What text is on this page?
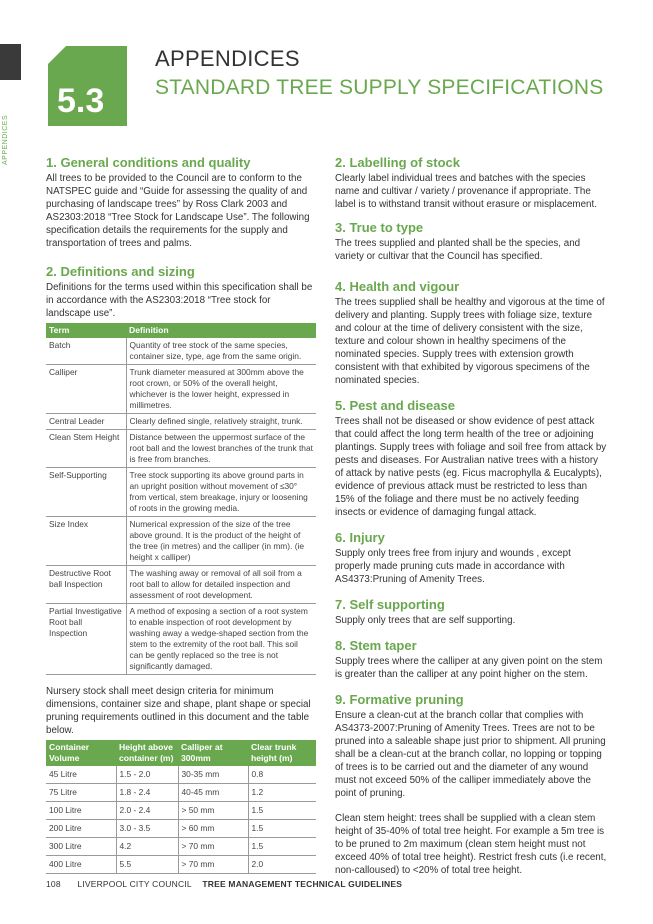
APPENDICES
5.3
APPENDICES
STANDARD TREE SUPPLY SPECIFICATIONS
1. General conditions and quality

All trees to be provided to the Council are to conform to the NATSPEC guide and “Guide for assessing the quality of and purchasing of landscape trees” by Ross Clark 2003 and AS2303:2018 “Tree Stock for Landscape Use”. The following specification details the requirements for the supply and transportation of trees and palms.

2. Definitions and sizing

Definitions for the terms used within this specification shall be in accordance with the AS2303:2018 “Tree stock for landscape use”.

Term	Definition
Batch	Quantity of tree stock of the same species, container size, type, age from the same origin.
Calliper	Trunk diameter measured at 300mm above the root crown, or 50% of the overall height, whichever is the lower height, expressed in millimetres.
Central Leader	Clearly defined single, relatively straight, trunk.
Clean Stem Height	Distance between the uppermost surface of the root ball and the lowest branches of the trunk that is free from branches.
Self-Supporting	Tree stock supporting its above ground parts in an upright position without movement of ≤30° from vertical, stem breakage, injury or loosening of roots in the growing media.
Size Index	Numerical expression of the size of the tree above ground. It is the product of the height of the tree (in metres) and the calliper (in mm). (ie height x calliper)
Destructive Root ball Inspection	The washing away or removal of all soil from a root ball to allow for detailed inspection and assessment of root development.
Partial Investigative Root ball Inspection	A method of exposing a section of a root system to enable inspection of root development by washing away a wedge-shaped section from the stem to the extremity of the root ball. This soil can be gently replaced so the tree is not significantly damaged.

Nursery stock shall meet design criteria for minimum dimensions, container size and shape, plant shape or special pruning requirements outlined in this document and the table below.

Container Volume	Height above container (m)	Calliper at 300mm	Clear trunk height (m)
45 Litre	1.5 - 2.0	30-35 mm	0.8
75 Litre	1.8 - 2.4	40-45 mm	1.2
100 Litre	2.0 - 2.4	> 50 mm	1.5
200 Litre	3.0 - 3.5	> 60 mm	1.5
300 Litre	4.2	> 70 mm	1.5
400 Litre	5.5	> 70 mm	2.0
2. Labelling of stock

Clearly label individual trees and batches with the species name and cultivar / variety / provenance if appropriate. The label is to withstand transit without erasure or misplacement.

3. True to type

The trees supplied and planted shall be the species, and variety or cultivar that the Council has specified.

4. Health and vigour

The trees supplied shall be healthy and vigorous at the time of delivery and planting. Supply trees with foliage size, texture and colour at the time of delivery consistent with the size, texture and colour shown in healthy specimens of the nominated species. Supply trees with extension growth consistent with that exhibited by vigorous specimens of the nominated species.

5. Pest and disease

Trees shall not be diseased or show evidence of pest attack that could affect the long term health of the tree or adjoining plantings. Supply trees with foliage and soil free from attack by pests and diseases. For Australian native trees with a history of attack by native pests (eg. Ficus macrophylla & Eucalypts), evidence of previous attack must be restricted to less than 15% of the foliage and there must be no actively feeding insects or evidence of damaging fungal attack.

6. Injury

Supply only trees free from injury and wounds , except properly made pruning cuts made in accordance with AS4373:Pruning of Amenity Trees.

7. Self supporting

Supply only trees that are self supporting.

8. Stem taper

Supply trees where the calliper at any given point on the stem is greater than the calliper at any point higher on the stem.

9. Formative pruning

Ensure a clean-cut at the branch collar that complies with AS4373-2007:Pruning of Amenity Trees. Trees are not to be pruned into a saleable shape just prior to shipment. All pruning shall be a clean-cut at the branch collar, no lopping or topping of trees is to be carried out and the diameter of any wound must not exceed 50% of the calliper immediately above the point of pruning.

Clean stem height: trees shall be supplied with a clean stem height of 35-40% of total tree height. For example a 5m tree is to be pruned to 2m maximum (clean stem height must not exceed 40% of total tree height). Restrict fresh cuts (i.e recent, non-calloused) to <20% of total tree height.

108 LIVERPOOL CITY COUNCIL TREE MANAGEMENT TECHNICAL GUIDELINES
